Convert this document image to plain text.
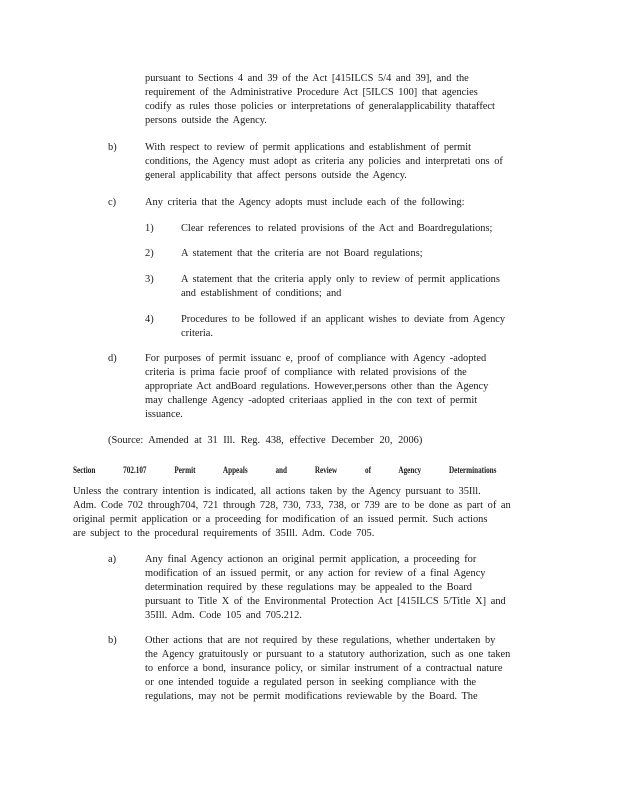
pursuant to Sections 4 and 39 of the Act [415ILCS 5/4 and 39], and the
requirement of the Administrative Procedure Act [5ILCS 100] that agencies
codify as rules those policies or interpretations of generalapplicability thataffect
persons outside the Agency.
b)	With respect to review of permit applications and establishment of permit
conditions, the Agency must adopt as criteria any policies and interpretati ons of
general applicability that affect persons outside the Agency.
c)	Any criteria that the Agency adopts must include each of the following:
1)	Clear references to related provisions of the Act and Boardregulations;
2)	A statement that the criteria are not Board regulations;
3)	A statement that the criteria apply only to review of permit applications
and establishment of conditions; and
4)	Procedures to be followed if an applicant wishes to deviate from Agency
criteria.
d)	For purposes of permit issuanc e, proof of compliance with Agency -adopted
criteria is prima facie proof of compliance with related provisions of the
appropriate Act andBoard regulations. However,persons other than the Agency
may challenge Agency -adopted criteriaas applied in the con text of permit
issuance.
(Source: Amended at 31 Ill. Reg. 438, effective December 20, 2006)
Section	702.107	Permit	Appeals	and	Review	of	Agency	Determinations
Unless the contrary intention is indicated, all actions taken by the Agency pursuant to 35Ill.
Adm. Code 702 through704, 721 through 728, 730, 733, 738, or 739 are to be done as part of an
original permit application or a proceeding for modification of an issued permit. Such actions
are subject to the procedural requirements of 35Ill. Adm. Code 705.
a)	Any final Agency actionon an original permit application, a proceeding for
modification of an issued permit, or any action for review of a final Agency
determination required by these regulations may be appealed to the Board
pursuant to Title X of the Environmental Protection Act [415ILCS 5/Title X] and
35Ill. Adm. Code 105 and 705.212.
b)	Other actions that are not required by these regulations, whether undertaken by
the Agency gratuitously or pursuant to a statutory authorization, such as one taken
to enforce a bond, insurance policy, or similar instrument of a contractual nature
or one intended toguide a regulated person in seeking compliance with the
regulations, may not be permit modifications reviewable by the Board. The
